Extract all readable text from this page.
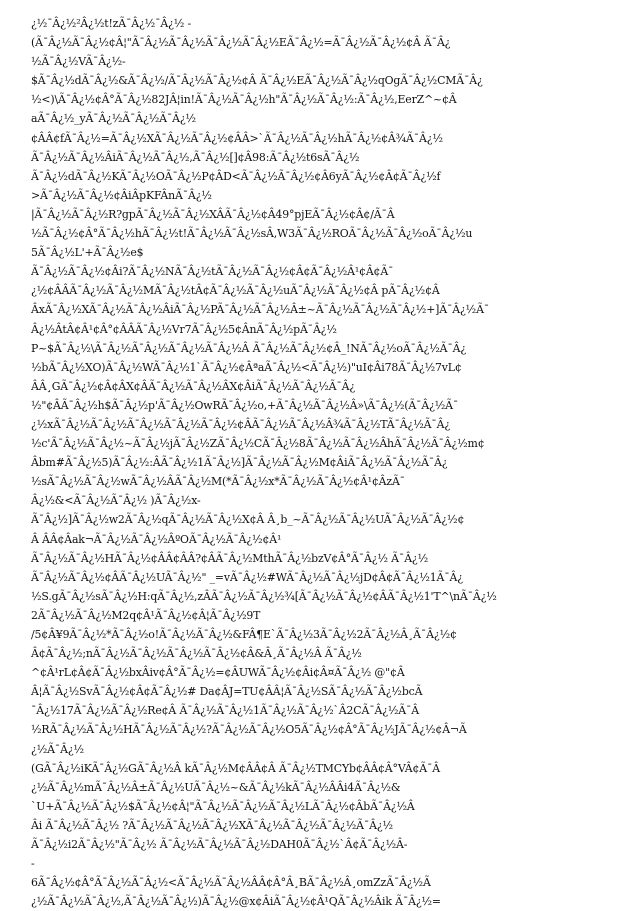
¿½¯Â¿½²Â¿½t!zÃ¯Â¿½¯Â¿½ -
(Ã¯Â¿½Ã¯Â¿½¢Â¦"Ã¯Â¿½Ã¯Â¿½Ã¯Â¿½Ã¯Â¿½EÃ¯Â¿½=Ã¯Â¿½Ã¯Â¿½¢Â Ã¯Â¿
½Ã¯Â¿½VÃ¯Â¿½-
$Ã¯Â¿½dÃ¯Â¿½&Ã¯Â¿½/Ã¯Â¿½Ã¯Â¿½¢Â Ã¯Â¿½EÃ¯Â¿½Ã¯Â¿½qOgÃ¯Â¿½CMÃ¯Â¿
½<)\Ã¯Â¿½¢Â°Ã¯Â¿½82JÂ¦in!Ã¯Â¿½Ã¯Â¿½h"Ã¯Â¿½Ã¯Â¿½:Ã¯Â¿½,EerZ^~¢Â
aÃ¯Â¿½_yÃ¯Â¿½Ã¯Â¿½Ã¯Â¿½
¢ÂÂ¢fÃ¯Â¿½=Ã¯Â¿½XÃ¯Â¿½Ã¯Â¿½¢ÂÂ>`Ã¯Â¿½Ã¯Â¿½hÃ¯Â¿½¢Â¾Ã¯Â¿½
Ã¯Â¿½Ã¯Â¿½ÂiÃ¯Â¿½Ã¯Â¿½,Ã¯Â¿½[]¢Â98:Ã¯Â¿½t6sÃ¯Â¿½
Ã¯Â¿½dÃ¯Â¿½KÃ¯Â¿½OÃ¯Â¿½P¢ÂD<Ã¯Â¿½Ã¯Â¿½¢Â6yÃ¯Â¿½¢Â¢Ã¯Â¿½f
>Ã¯Â¿½Ã¯Â¿½¢ÂiÂpKFÂnÃ¯Â¿½
|Ã¯Â¿½Ã¯Â¿½R?gpÃ¯Â¿½Ã¯Â¿½XÂÃ¯Â¿½¢Â49°pjEÃ¯Â¿½¢Â¢/Ã¯Â
½Ã¯Â¿½¢Â°Ã¯Â¿½hÃ¯Â¿½t!Ã¯Â¿½Ã¯Â¿½sÂ,W3Ã¯Â¿½ROÃ¯Â¿½Ã¯Â¿½oÃ¯Â¿½u
5Ã¯Â¿½L'+Ã¯Â¿½e$
Ã¯Â¿½Ã¯Â¿½¢Âi?Ã¯Â¿½NÃ¯Â¿½tÃ¯Â¿½Ã¯Â¿½¢Â¢Ã¯Â¿½Â¹¢Â¢Ã¯
¿½¢ÂÂÃ¯Â¿½Ã¯Â¿½MÃ¯Â¿½tÂ¢Ã¯Â¿½Ã¯Â¿½uÃ¯Â¿½Ã¯Â¿½¢Â pÃ¯Â¿½¢Â
ÂxÃ¯Â¿½XÃ¯Â¿½Ã¯Â¿½ÂiÃ¯Â¿½PÃ¯Â¿½Ã¯Â¿½Â±~Ã¯Â¿½Ã¯Â¿½Ã¯Â¿½+]Ã¯Â¿½Ã¯
Â¿½ÂtÂ¢Â¹¢Â°¢ÂÂÃ¯Â¿½Vr7Ã¯Â¿½5¢ÂnÃ¯Â¿½pÃ¯Â¿½
P~$Ã¯Â¿½\Ã¯Â¿½Ã¯Â¿½Ã¯Â¿½Ã¯Â¿½Â Ã¯Â¿½Ã¯Â¿½¢Â_!NÃ¯Â¿½oÃ¯Â¿½Ã¯Â¿
½bÃ¯Â¿½XO)Ã¯Â¿½WÃ¯Â¿½1`Ã¯Â¿½¢ÂªaÃ¯Â¿½<Ã¯Â¿½)"uI¢Âi78Ã¯Â¿½7vL¢
ÂÂ¸GÃ¯Â¿½¢Â¢ÂX¢ÂÃ¯Â¿½Ã¯Â¿½ÂX¢ÂiÃ¯Â¿½Ã¯Â¿½Ã¯Â¿
½"¢ÂÃ¯Â¿½h$Ã¯Â¿½p'Ã¯Â¿½OwRÃ¯Â¿½o,+Ã¯Â¿½Ã¯Â¿½Â»\Ã¯Â¿½(Ã¯Â¿½Ã¯
¿½xÃ¯Â¿½Ã¯Â¿½Ã¯Â¿½Ã¯Â¿½Ã¯Â¿½¢ÂÃ¯Â¿½Ã¯Â¿½Â¾Ã¯Â¿½TÃ¯Â¿½Ã¯Â¿
½c'Ã¯Â¿½Ã¯Â¿½~Ã¯Â¿½jÃ¯Â¿½ZÃ¯Â¿½CÃ¯Â¿½8Ã¯Â¿½Ã¯Â¿½ÂhÃ¯Â¿½Ã¯Â¿½m¢
Âbm#Ã¯Â¿½5)Ã¯Â¿½:ÂÃ¯Â¿½1Ã¯Â¿½]Ã¯Â¿½Ã¯Â¿½M¢ÂiÃ¯Â¿½Ã¯Â¿½Ã¯Â¿
½sÃ¯Â¿½Ã¯Â¿½wÃ¯Â¿½ÂÃ¯Â¿½M(*Ã¯Â¿½x*Ã¯Â¿½Ã¯Â¿½¢Â¹¢ÂzÃ¯
Â¿½&<Ã¯Â¿½Ã¯Â¿½ )Ã¯Â¿½x-
Ã¯Â¿½]Ã¯Â¿½w2Ã¯Â¿½qÃ¯Â¿½Ã¯Â¿½X¢Â Â¸b_~Ã¯Â¿½Ã¯Â¿½UÃ¯Â¿½Ã¯Â¿½¢
Â ÂÂ¢Âak¬Ã¯Â¿½Ã¯Â¿½ÂºOÃ¯Â¿½Ã¯Â¿½¢Â¹
Ã¯Â¿½Ã¯Â¿½HÃ¯Â¿½¢ÂÂ¢ÂÂ?¢ÂÃ¯Â¿½MthÃ¯Â¿½bzV¢Â°Ã¯Â¿½ Ã¯Â¿½
Ã¯Â¿½Ã¯Â¿½¢ÂÃ¯Â¿½UÃ¯Â¿½" _=vÃ¯Â¿½#WÃ¯Â¿½Ã¯Â¿½jD¢Â¢Ã¯Â¿½1Ã¯Â¿
½S.gÃ¯Â¿½sÃ¯Â¿½H:qÃ¯Â¿½,zÂÃ¯Â¿½Ã¯Â¿½¾[Ã¯Â¿½Ã¯Â¿½¢ÂÃ¯Â¿½1'T^\nÃ¯Â¿½
2Ã¯Â¿½Ã¯Â¿½M2q¢Â¹Ã¯Â¿½¢Â¦Ã¯Â¿½9T
/5¢Â¥9Ã¯Â¿½*Ã¯Â¿½o!Ã¯Â¿½Ã¯Â¿½&FÂ¶E`Ã¯Â¿½3Ã¯Â¿½2Ã¯Â¿½Â¸Ã¯Â¿½¢
Â¢Ã¯Â¿½;nÃ¯Â¿½Ã¯Â¿½Ã¯Â¿½Ã¯Â¿½¢Â&Â¸Ã¯Â¿½Â Ã¯Â¿½
^¢Â¹rL¢Â¢Ã¯Â¿½bxÂiv¢Â°Ã¯Â¿½=¢ÂUWÃ¯Â¿½¢Âi¢Â¤Ã¯Â¿½ @"¢Â
Â¦Ã¯Â¿½SvÃ¯Â¿½¢Â¢Ã¯Â¿½# Da¢ÂJ=TU¢ÂÂ¦Ã¯Â¿½SÃ¯Â¿½Ã¯Â¿½bcÃ
¯Â¿½17Ã¯Â¿½Ã¯Â¿½Re¢Â Ã¯Â¿½Ã¯Â¿½1Ã¯Â¿½Ã¯Â¿½`Â2CÃ¯Â¿½Ã¯Â
½RÃ¯Â¿½Ã¯Â¿½HÃ¯Â¿½Ã¯Â¿½?Ã¯Â¿½Ã¯Â¿½O5Ã¯Â¿½¢Â°Ã¯Â¿½JÃ¯Â¿½¢Â¬Ã
¿½Ã¯Â¿½
(GÃ¯Â¿½iKÃ¯Â¿½GÃ¯Â¿½Â kÃ¯Â¿½M¢ÂÂ¢Â Ã¯Â¿½TMCYb¢ÂÂ¢Â°VÂ¢Ã¯Â
¿½Ã¯Â¿½mÃ¯Â¿½Â±Ã¯Â¿½UÃ¯Â¿½~&Ã¯Â¿½kÃ¯Â¿½ÂÂi4Ã¯Â¿½&
`U+Ã¯Â¿½Ã¯Â¿½$Ã¯Â¿½¢Â¦"Ã¯Â¿½Ã¯Â¿½Ã¯Â¿½LÃ¯Â¿½¢ÂbÃ¯Â¿½Â
Âi Ã¯Â¿½Ã¯Â¿½ ?Ã¯Â¿½Ã¯Â¿½Ã¯Â¿½XÃ¯Â¿½Ã¯Â¿½Ã¯Â¿½Ã¯Â¿½
Ã¯Â¿½i2Ã¯Â¿½"Ã¯Â¿½ Ã¯Â¿½Ã¯Â¿½Ã¯Â¿½DAH0Ã¯Â¿½`Â¢Ã¯Â¿½Â-
-
6Ã¯Â¿½¢Â°Ã¯Â¿½Ã¯Â¿½<Ã¯Â¿½Ã¯Â¿½ÂÂ¢Â°Â¸BÃ¯Â¿½Â¸omZzÃ¯Â¿½Ã
¿½Ã¯Â¿½Ã¯Â¿½,Ã¯Â¿½Ã¯Â¿½)Ã¯Â¿½@x¢ÂiÃ¯Â¿½¢Â¹QÃ¯Â¿½Âik Ã¯Â¿½=
